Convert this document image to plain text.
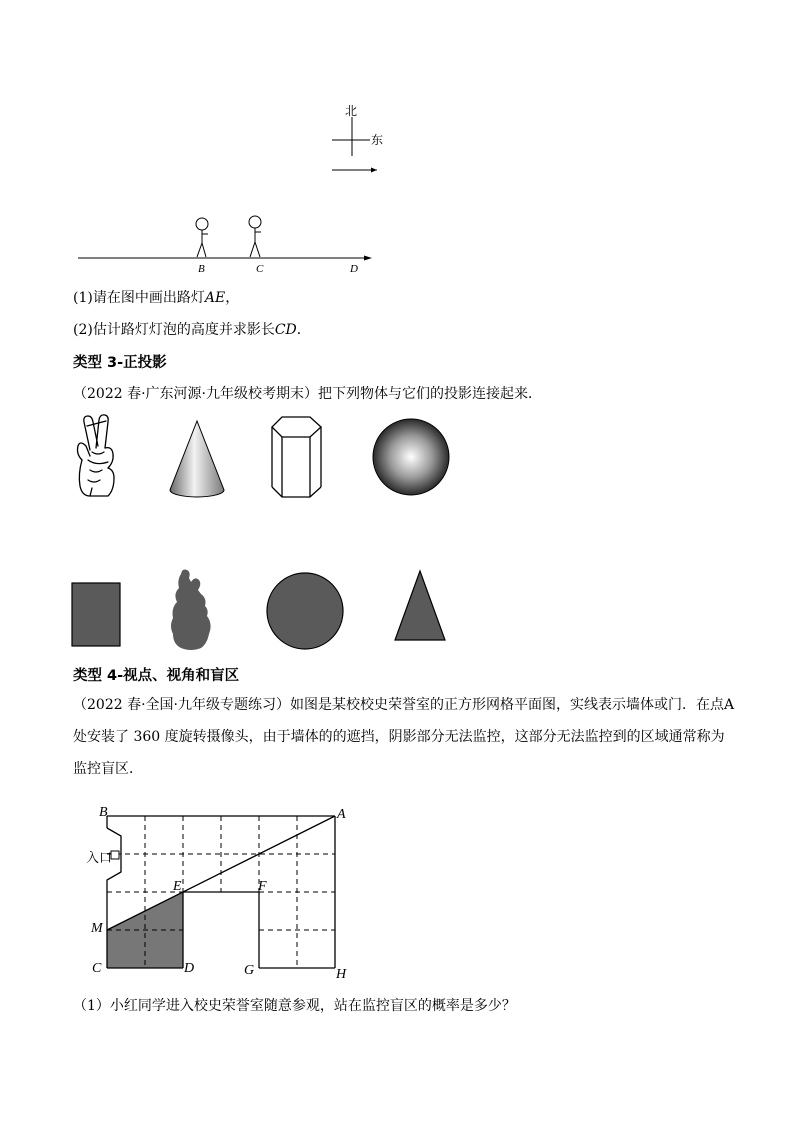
北
东
B	C	D
(1)请在图中画出路灯AE，
(2)估计路灯灯泡的高度并求影长CD．
类型 3-正投影
（2022 春·广东河源·九年级校考期末）把下列物体与它们的投影连接起来．
类型 4-视点、视角和盲区
（2022 春·全国·九年级专题练习）如图是某校校史荣誉室的正方形网格平面图，实线表示墙体或门．在点A
处安装了 360 度旋转摄像头，由于墙体的的遮挡，阴影部分无法监控，这部分无法监控到的区域通常称为
监控盲区．
B	A
入口
E	F
M
C	D	G	H
（1）小红同学进入校史荣誉室随意参观，站在监控盲区的概率是多少？
